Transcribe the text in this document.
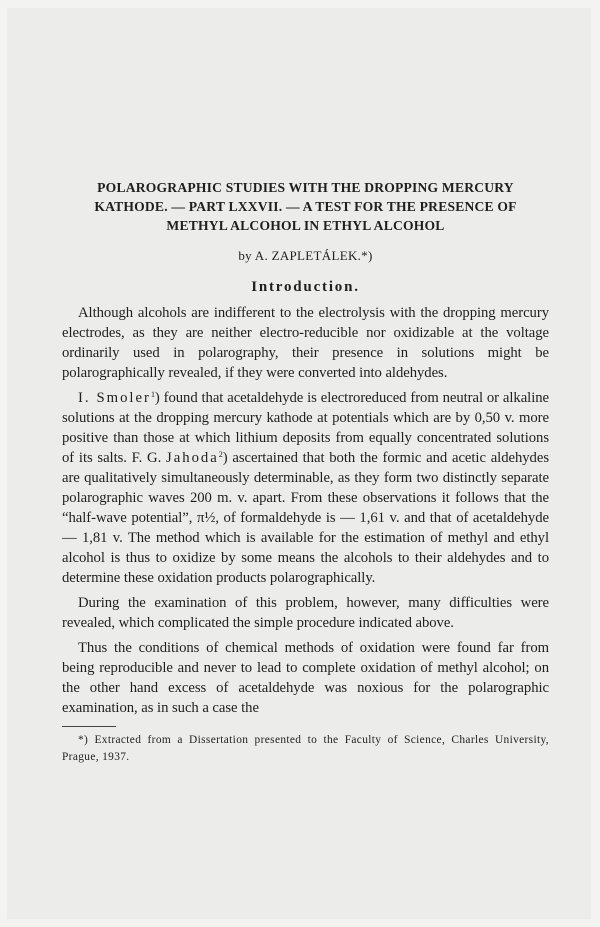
POLAROGRAPHIC STUDIES WITH THE DROPPING MERCURY KATHODE. — PART LXXVII. — A TEST FOR THE PRESENCE OF METHYL ALCOHOL IN ETHYL ALCOHOL

by A. ZAPLETÁLEK.*)

Introduction.

Although alcohols are indifferent to the electrolysis with the dropping mercury electrodes, as they are neither electro-reducible nor oxidizable at the voltage ordinarily used in polarography, their presence in solutions might be polarographically revealed, if they were converted into aldehydes.

I. Smoler$^1$) found that acetaldehyde is electroreduced from neutral or alkaline solutions at the dropping mercury kathode at potentials which are by 0,50 v. more positive than those at which lithium deposits from equally concentrated solutions of its salts. F. G. Jahoda$^2$) ascertained that both the formic and acetic aldehydes are qualitatively simultaneously determinable, as they form two distinctly separate polarographic waves 200 m. v. apart. From these observations it follows that the “half-wave potential”, π½, of formaldehyde is — 1,61 v. and that of acetaldehyde — 1,81 v. The method which is available for the estimation of methyl and ethyl alcohol is thus to oxidize by some means the alcohols to their aldehydes and to determine these oxidation products polarographically.

During the examination of this problem, however, many difficulties were revealed, which complicated the simple procedure indicated above.

Thus the conditions of chemical methods of oxidation were found far from being reproducible and never to lead to complete oxidation of methyl alcohol; on the other hand excess of acetaldehyde was noxious for the polarographic examination, as in such a case the

*) Extracted from a Dissertation presented to the Faculty of Science, Charles University, Prague, 1937.
